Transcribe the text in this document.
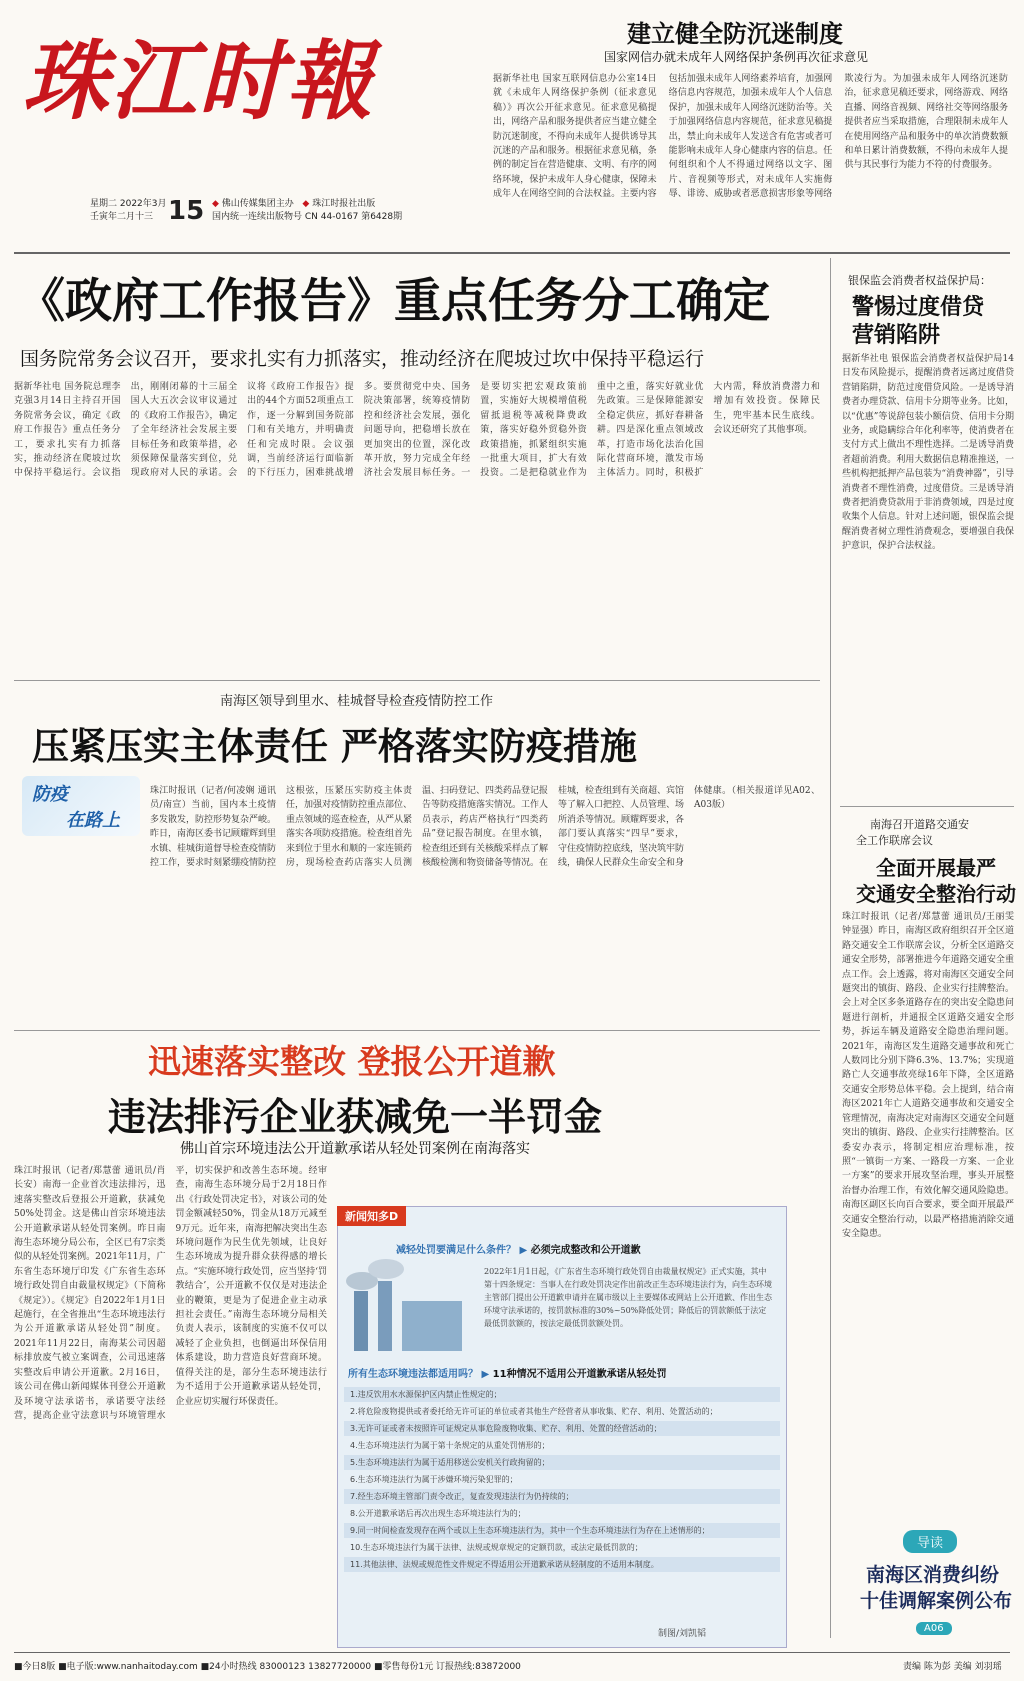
珠江时報
星期二 2022年3月
壬寅年二月十三 15 ◆ 佛山传媒集团主办 ◆ 珠江时报社出版
国内统一连续出版物号 CN 44-0167 第6428期
建立健全防沉迷制度
国家网信办就未成年人网络保护条例再次征求意见
据新华社电 国家互联网信息办公室14日就《未成年人网络保护条例（征求意见稿）》再次公开征求意见。征求意见稿提出，网络产品和服务提供者应当建立健全防沉迷制度，不得向未成年人提供诱导其沉迷的产品和服务。根据征求意见稿，条例的制定旨在营造健康、文明、有序的网络环境，保护未成年人身心健康，保障未成年人在网络空间的合法权益。主要内容包括加强未成年人网络素养培育，加强网络信息内容规范，加强未成年人个人信息保护，加强未成年人网络沉迷防治等。关于加强网络信息内容规范，征求意见稿提出，禁止向未成年人发送含有危害或者可能影响未成年人身心健康内容的信息。任何组织和个人不得通过网络以文字、图片、音视频等形式，对未成年人实施侮辱、诽谤、威胁或者恶意损害形象等网络欺凌行为。为加强未成年人网络沉迷防治，征求意见稿还要求，网络游戏、网络直播、网络音视频、网络社交等网络服务提供者应当采取措施，合理限制未成年人在使用网络产品和服务中的单次消费数额和单日累计消费数额，不得向未成年人提供与其民事行为能力不符的付费服务。
《政府工作报告》重点任务分工确定
国务院常务会议召开，要求扎实有力抓落实，推动经济在爬坡过坎中保持平稳运行
据新华社电 国务院总理李克强3月14日主持召开国务院常务会议，确定《政府工作报告》重点任务分工，要求扎实有力抓落实，推动经济在爬坡过坎中保持平稳运行。会议指出，刚刚闭幕的十三届全国人大五次会议审议通过的《政府工作报告》，确定了全年经济社会发展主要目标任务和政策举措，必须保障保量落实到位，兑现政府对人民的承诺。会议将《政府工作报告》提出的44个方面52项重点工作，逐一分解到国务院部门和有关地方，并明确责任和完成时限。会议强调，当前经济运行面临新的下行压力，困难挑战增多。要贯彻党中央、国务院决策部署，统筹疫情防控和经济社会发展，强化问题导向，把稳增长放在更加突出的位置，深化改革开放，努力完成全年经济社会发展目标任务。一是要切实把宏观政策前置，实施好大规模增值税留抵退税等减税降费政策，落实好稳外贸稳外资政策措施，抓紧组织实施一批重大项目，扩大有效投资。二是把稳就业作为重中之重，落实好就业优先政策。三是保障能源安全稳定供应，抓好春耕备耕。四是深化重点领域改革，打造市场化法治化国际化营商环境，激发市场主体活力。同时，积极扩大内需，释放消费潜力和增加有效投资。保障民生，兜牢基本民生底线。会议还研究了其他事项。
银保监会消费者权益保护局：
警惕过度借贷
营销陷阱
据新华社电 银保监会消费者权益保护局14日发布风险提示，提醒消费者远离过度借贷营销陷阱，防范过度借贷风险。一是诱导消费者办理贷款、信用卡分期等业务。比如，以“优惠”等说辞包装小额信贷、信用卡分期业务，或隐瞒综合年化利率等，使消费者在支付方式上做出不理性选择。二是诱导消费者超前消费。利用大数据信息精准推送，一些机构把抵押产品包装为“消费神器”，引导消费者不理性消费，过度借贷。三是诱导消费者把消费贷款用于非消费领域，四是过度收集个人信息。针对上述问题，银保监会提醒消费者树立理性消费观念，要增强自我保护意识，保护合法权益。
南海区领导到里水、桂城督导检查疫情防控工作
压紧压实主体责任 严格落实防疫措施
防疫
在路上
珠江时报讯（记者/何凌娴 通讯员/南宣）当前，国内本土疫情多发散发，防控形势复杂严峻。昨日，南海区委书记顾耀辉到里水镇、桂城街道督导检查疫情防控工作，要求时刻紧绷疫情防控这根弦，压紧压实防疫主体责任，加强对疫情防控重点部位、重点领域的巡查检查，从严从紧落实各项防疫措施。检查组首先来到位于里水和顺的一家连锁药房，现场检查药店落实人员测温、扫码登记、四类药品登记报告等防疫措施落实情况。工作人员表示，药店严格执行“四类药品”登记报告制度。在里水镇，检查组还到有关核酸采样点了解核酸检测和物资储备等情况。在桂城，检查组到有关商超、宾馆等了解入口把控、人员管理、场所消杀等情况。顾耀辉要求，各部门要认真落实“四早”要求，守住疫情防控底线，坚决筑牢防线，确保人民群众生命安全和身体健康。（相关报道详见A02、A03版）
迅速落实整改 登报公开道歉
违法排污企业获减免一半罚金
佛山首宗环境违法公开道歉承诺从轻处罚案例在南海落实
珠江时报讯（记者/郑慧蕾 通讯员/肖长安）南海一企业首次违法排污，迅速落实整改后登报公开道歉，获减免50%处罚金。这是佛山首宗环境违法公开道歉承诺从轻处罚案例。昨日南海生态环境分局公布，全区已有7宗类似的从轻处罚案例。2021年11月，广东省生态环境厅印发《广东省生态环境行政处罚自由裁量权规定》（下简称《规定》）。《规定》自2022年1月1日起施行，在全省推出“生态环境违法行为公开道歉承诺从轻处罚”制度。2021年11月22日，南海某公司因超标排放废气被立案调查，公司迅速落实整改后申请公开道歉。2月16日，该公司在佛山新闻媒体刊登公开道歉及环境守法承诺书，承诺要守法经营，提高企业守法意识与环境管理水平，切实保护和改善生态环境。经审查，南海生态环境分局于2月18日作出《行政处罚决定书》，对该公司的处罚金额减轻50%，罚金从18万元减至9万元。近年来，南海把解决突出生态环境问题作为民生优先领域，让良好生态环境成为提升群众获得感的增长点。“实施环境行政处罚，应当坚持‘罚教结合’，公开道歉不仅仅是对违法企业的鞭策，更是为了促进企业主动承担社会责任。”南海生态环境分局相关负责人表示，该制度的实施不仅可以减轻了企业负担，也倒逼出环保信用体系建设，助力营造良好营商环境。值得关注的是，部分生态环境违法行为不适用于公开道歉承诺从轻处罚，企业应切实履行环保责任。
新闻知多D
减轻处罚要满足什么条件？ ▶ 必须完成整改和公开道歉
2022年1月1日起，《广东省生态环境行政处罚自由裁量权规定》正式实施，其中第十四条规定：当事人在行政处罚决定作出前改正生态环境违法行为，向生态环境主管部门提出公开道歉申请并在属市级以上主要媒体或网站上公开道歉、作出生态环境守法承诺的，按罚款标准的30%~50%降低处罚；降低后的罚款额低于法定最低罚款额的，按法定最低罚款额处罚。
所有生态环境违法都适用吗？ ▶ 11种情况不适用公开道歉承诺从轻处罚
1.违反饮用水水源保护区内禁止性规定的；
2.将危险废物提供或者委托给无许可证的单位或者其他生产经营者从事收集、贮存、利用、处置活动的；
3.无许可证或者未按照许可证规定从事危险废物收集、贮存、利用、处置的经营活动的；
4.生态环境违法行为属于第十条规定的从重处罚情形的；
5.生态环境违法行为属于适用移送公安机关行政拘留的；
6.生态环境违法行为属于涉嫌环境污染犯罪的；
7.经生态环境主管部门责令改正，复查发现违法行为仍持续的；
8.公开道歉承诺后再次出现生态环境违法行为的；
9.同一时间检查发现存在两个或以上生态环境违法行为，其中一个生态环境违法行为存在上述情形的；
10.生态环境违法行为属于法律、法规或规章规定的定额罚款，或法定最低罚款的；
11.其他法律、法规或规范性文件规定不得适用公开道歉承诺从轻制度的不适用本制度。
制图/刘凯韬
南海召开道路交通安
全工作联席会议
全面开展最严
交通安全整治行动
珠江时报讯（记者/郑慧蕾 通讯员/王丽雯 钟显强）昨日，南海区政府组织召开全区道路交通安全工作联席会议，分析全区道路交通安全形势，部署推进今年道路交通安全重点工作。会上透露，将对南海区交通安全问题突出的镇街、路段、企业实行挂牌整治。会上对全区多条道路存在的突出安全隐患问题进行剖析，并通报全区道路交通安全形势，拆运车辆及道路安全隐患治理问题。2021年，南海区发生道路交通事故和死亡人数同比分别下降6.3%、13.7%；实现道路亡人交通事故亮绿16年下降，全区道路交通安全形势总体平稳。会上提到，结合南海区2021年亡人道路交通事故和交通安全管理情况，南海决定对南海区交通安全问题突出的镇街、路段、企业实行挂牌整治。区委安办表示，将制定相应治理标准，按照“一镇街一方案、一路段一方案、一企业一方案”的要求开展攻坚治理，事头开展整治督办治理工作，有效化解交通风险隐患。南海区副区长向百合要求，要全面开展最严交通安全整治行动，以最严格措施消除交通安全隐患。
导读
南海区消费纠纷
十佳调解案例公布
A06
■今日8版 ■电子版:www.nanhaitoday.com ■24小时热线 83000123 13827720000 ■零售每份1元 订报热线:83872000	责编 陈为彭 美编 刘羽瑶
